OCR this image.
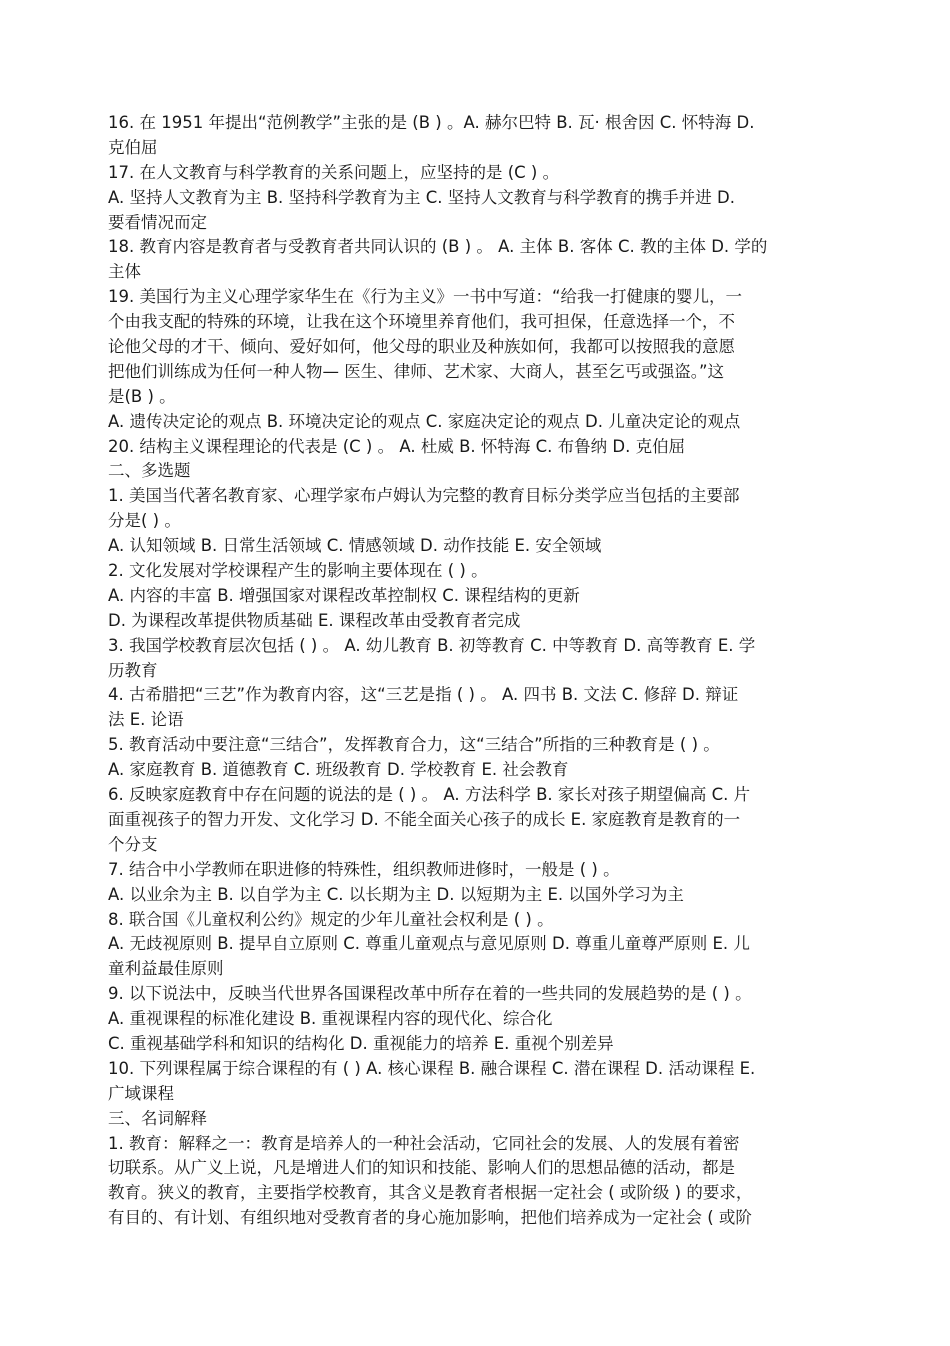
16. 在 1951 年提出“范例教学”主张的是 (B ) 。A. 赫尔巴特 B. 瓦· 根舍因 C. 怀特海 D.
克伯屈
17. 在人文教育与科学教育的关系问题上，应坚持的是 (C ) 。
A. 坚持人文教育为主 B. 坚持科学教育为主 C. 坚持人文教育与科学教育的携手并进 D.
要看情况而定
18. 教育内容是教育者与受教育者共同认识的 (B ) 。 A. 主体 B. 客体 C. 教的主体 D. 学的
主体
19. 美国行为主义心理学家华生在《行为主义》一书中写道：“给我一打健康的婴儿，一
个由我支配的特殊的环境，让我在这个环境里养育他们，我可担保，任意选择一个，不
论他父母的才干、倾向、爱好如何，他父母的职业及种族如何，我都可以按照我的意愿
把他们训练成为任何一种人物— 医生、律师、艺术家、大商人，甚至乞丐或强盗。”这
是(B ) 。
A. 遗传决定论的观点 B. 环境决定论的观点 C. 家庭决定论的观点 D. 儿童决定论的观点
20. 结构主义课程理论的代表是 (C ) 。 A. 杜威 B. 怀特海 C. 布鲁纳 D. 克伯屈
二、多选题
1. 美国当代著名教育家、心理学家布卢姆认为完整的教育目标分类学应当包括的主要部
分是( ) 。
A. 认知领域 B. 日常生活领域 C. 情感领域 D. 动作技能 E. 安全领域
2. 文化发展对学校课程产生的影响主要体现在 ( ) 。
A. 内容的丰富 B. 增强国家对课程改革控制权 C. 课程结构的更新
D. 为课程改革提供物质基础 E. 课程改革由受教育者完成
3. 我国学校教育层次包括 ( ) 。 A. 幼儿教育 B. 初等教育 C. 中等教育 D. 高等教育 E. 学
历教育
4. 古希腊把“三艺”作为教育内容，这“三艺是指 ( ) 。 A. 四书 B. 文法 C. 修辞 D. 辩证
法 E. 论语
5. 教育活动中要注意“三结合”，发挥教育合力，这“三结合”所指的三种教育是 ( ) 。
A. 家庭教育 B. 道德教育 C. 班级教育 D. 学校教育 E. 社会教育
6. 反映家庭教育中存在问题的说法的是 ( ) 。 A. 方法科学 B. 家长对孩子期望偏高 C. 片
面重视孩子的智力开发、文化学习 D. 不能全面关心孩子的成长 E. 家庭教育是教育的一
个分支
7. 结合中小学教师在职进修的特殊性，组织教师进修时，一般是 ( ) 。
A. 以业余为主 B. 以自学为主 C. 以长期为主 D. 以短期为主 E. 以国外学习为主
8. 联合国《儿童权利公约》规定的少年儿童社会权利是 ( ) 。
A. 无歧视原则 B. 提早自立原则 C. 尊重儿童观点与意见原则 D. 尊重儿童尊严原则 E. 儿
童利益最佳原则
9. 以下说法中，反映当代世界各国课程改革中所存在着的一些共同的发展趋势的是 ( ) 。
A. 重视课程的标准化建设 B. 重视课程内容的现代化、综合化
C. 重视基础学科和知识的结构化 D. 重视能力的培养 E. 重视个别差异
10. 下列课程属于综合课程的有 ( ) A. 核心课程 B. 融合课程 C. 潜在课程 D. 活动课程 E.
广域课程
三、名词解释
1. 教育：解释之一：教育是培养人的一种社会活动，它同社会的发展、人的发展有着密
切联系。从广义上说，凡是增进人们的知识和技能、影响人们的思想品德的活动，都是
教育。狭义的教育，主要指学校教育，其含义是教育者根据一定社会 ( 或阶级 ) 的要求，
有目的、有计划、有组织地对受教育者的身心施加影响，把他们培养成为一定社会 ( 或阶
